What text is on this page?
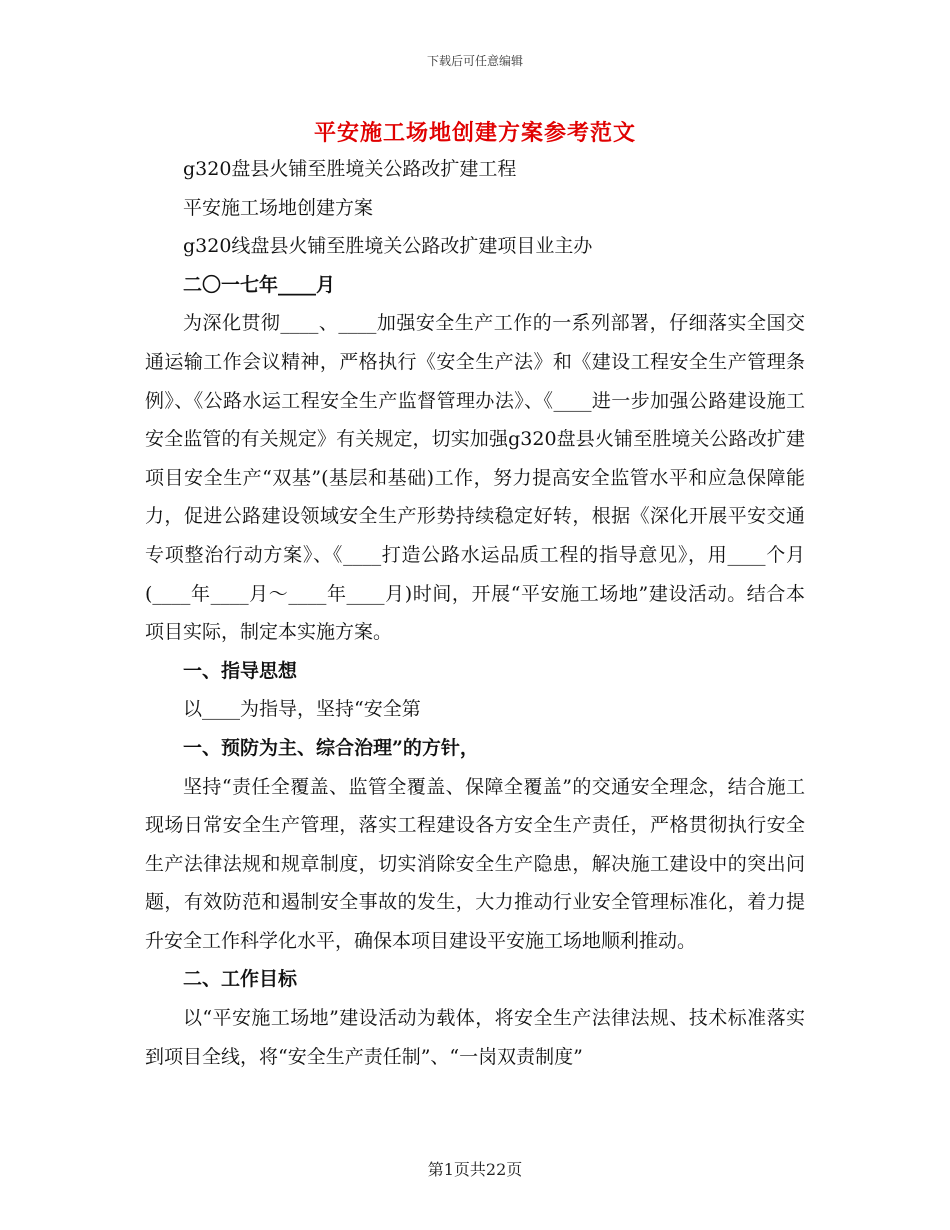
下载后可任意编辑
平安施工场地创建方案参考范文

g320盘县火铺至胜境关公路改扩建工程

平安施工场地创建方案

g320线盘县火铺至胜境关公路改扩建项目业主办

二〇一七年____月

为深化贯彻____、____加强安全生产工作的一系列部署，仔细落实全国交通运输工作会议精神，严格执行《安全生产法》和《建设工程安全生产管理条例》、《公路水运工程安全生产监督管理办法》、《____进一步加强公路建设施工安全监管的有关规定》有关规定，切实加强g320盘县火铺至胜境关公路改扩建项目安全生产“双基”(基层和基础)工作，努力提高安全监管水平和应急保障能力，促进公路建设领域安全生产形势持续稳定好转，根据《深化开展平安交通专项整治行动方案》、《____打造公路水运品质工程的指导意见》，用____个月(____年____月～____年____月)时间，开展“平安施工场地”建设活动。结合本项目实际，制定本实施方案。

一、指导思想

以____为指导，坚持“安全第

一、预防为主、综合治理”的方针，

坚持“责任全覆盖、监管全覆盖、保障全覆盖”的交通安全理念，结合施工现场日常安全生产管理，落实工程建设各方安全生产责任，严格贯彻执行安全生产法律法规和规章制度，切实消除安全生产隐患，解决施工建设中的突出问题，有效防范和遏制安全事故的发生，大力推动行业安全管理标准化，着力提升安全工作科学化水平，确保本项目建设平安施工场地顺利推动。

二、工作目标

以“平安施工场地”建设活动为载体，将安全生产法律法规、技术标准落实到项目全线，将“安全生产责任制”、“一岗双责制度”

第1页共22页
